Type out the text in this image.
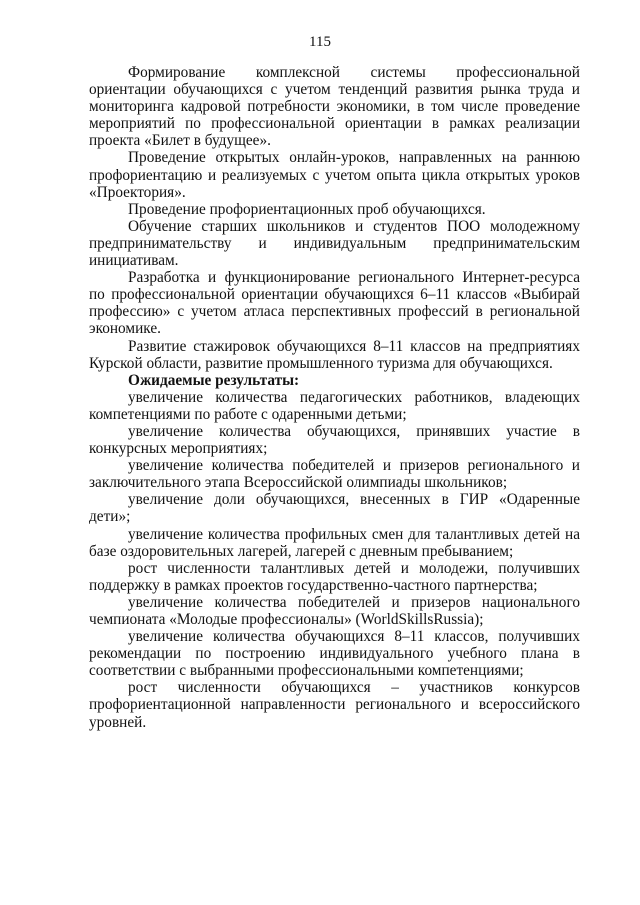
115

Формирование комплексной системы профессиональной ориентации обучающихся с учетом тенденций развития рынка труда и мониторинга кадровой потребности экономики, в том числе проведение мероприятий по профессиональной ориентации в рамках реализации проекта «Билет в будущее».

Проведение открытых онлайн-уроков, направленных на раннюю профориентацию и реализуемых с учетом опыта цикла открытых уроков «Проектория».

Проведение профориентационных проб обучающихся.

Обучение старших школьников и студентов ПОО молодежному предпринимательству и индивидуальным предпринимательским инициативам.

Разработка и функционирование регионального Интернет-ресурса по профессиональной ориентации обучающихся 6–11 классов «Выбирай профессию» с учетом атласа перспективных профессий в региональной экономике.

Развитие стажировок обучающихся 8–11 классов на предприятиях Курской области, развитие промышленного туризма для обучающихся.

Ожидаемые результаты:

увеличение количества педагогических работников, владеющих компетенциями по работе с одаренными детьми;

увеличение количества обучающихся, принявших участие в конкурсных мероприятиях;

увеличение количества победителей и призеров регионального и заключительного этапа Всероссийской олимпиады школьников;

увеличение доли обучающихся, внесенных в ГИР «Одаренные дети»;

увеличение количества профильных смен для талантливых детей на базе оздоровительных лагерей, лагерей с дневным пребыванием;

рост численности талантливых детей и молодежи, получивших поддержку в рамках проектов государственно-частного партнерства;

увеличение количества победителей и призеров национального чемпионата «Молодые профессионалы» (WorldSkillsRussia);

увеличение количества обучающихся 8–11 классов, получивших рекомендации по построению индивидуального учебного плана в соответствии с выбранными профессиональными компетенциями;

рост численности обучающихся – участников конкурсов профориентационной направленности регионального и всероссийского уровней.
